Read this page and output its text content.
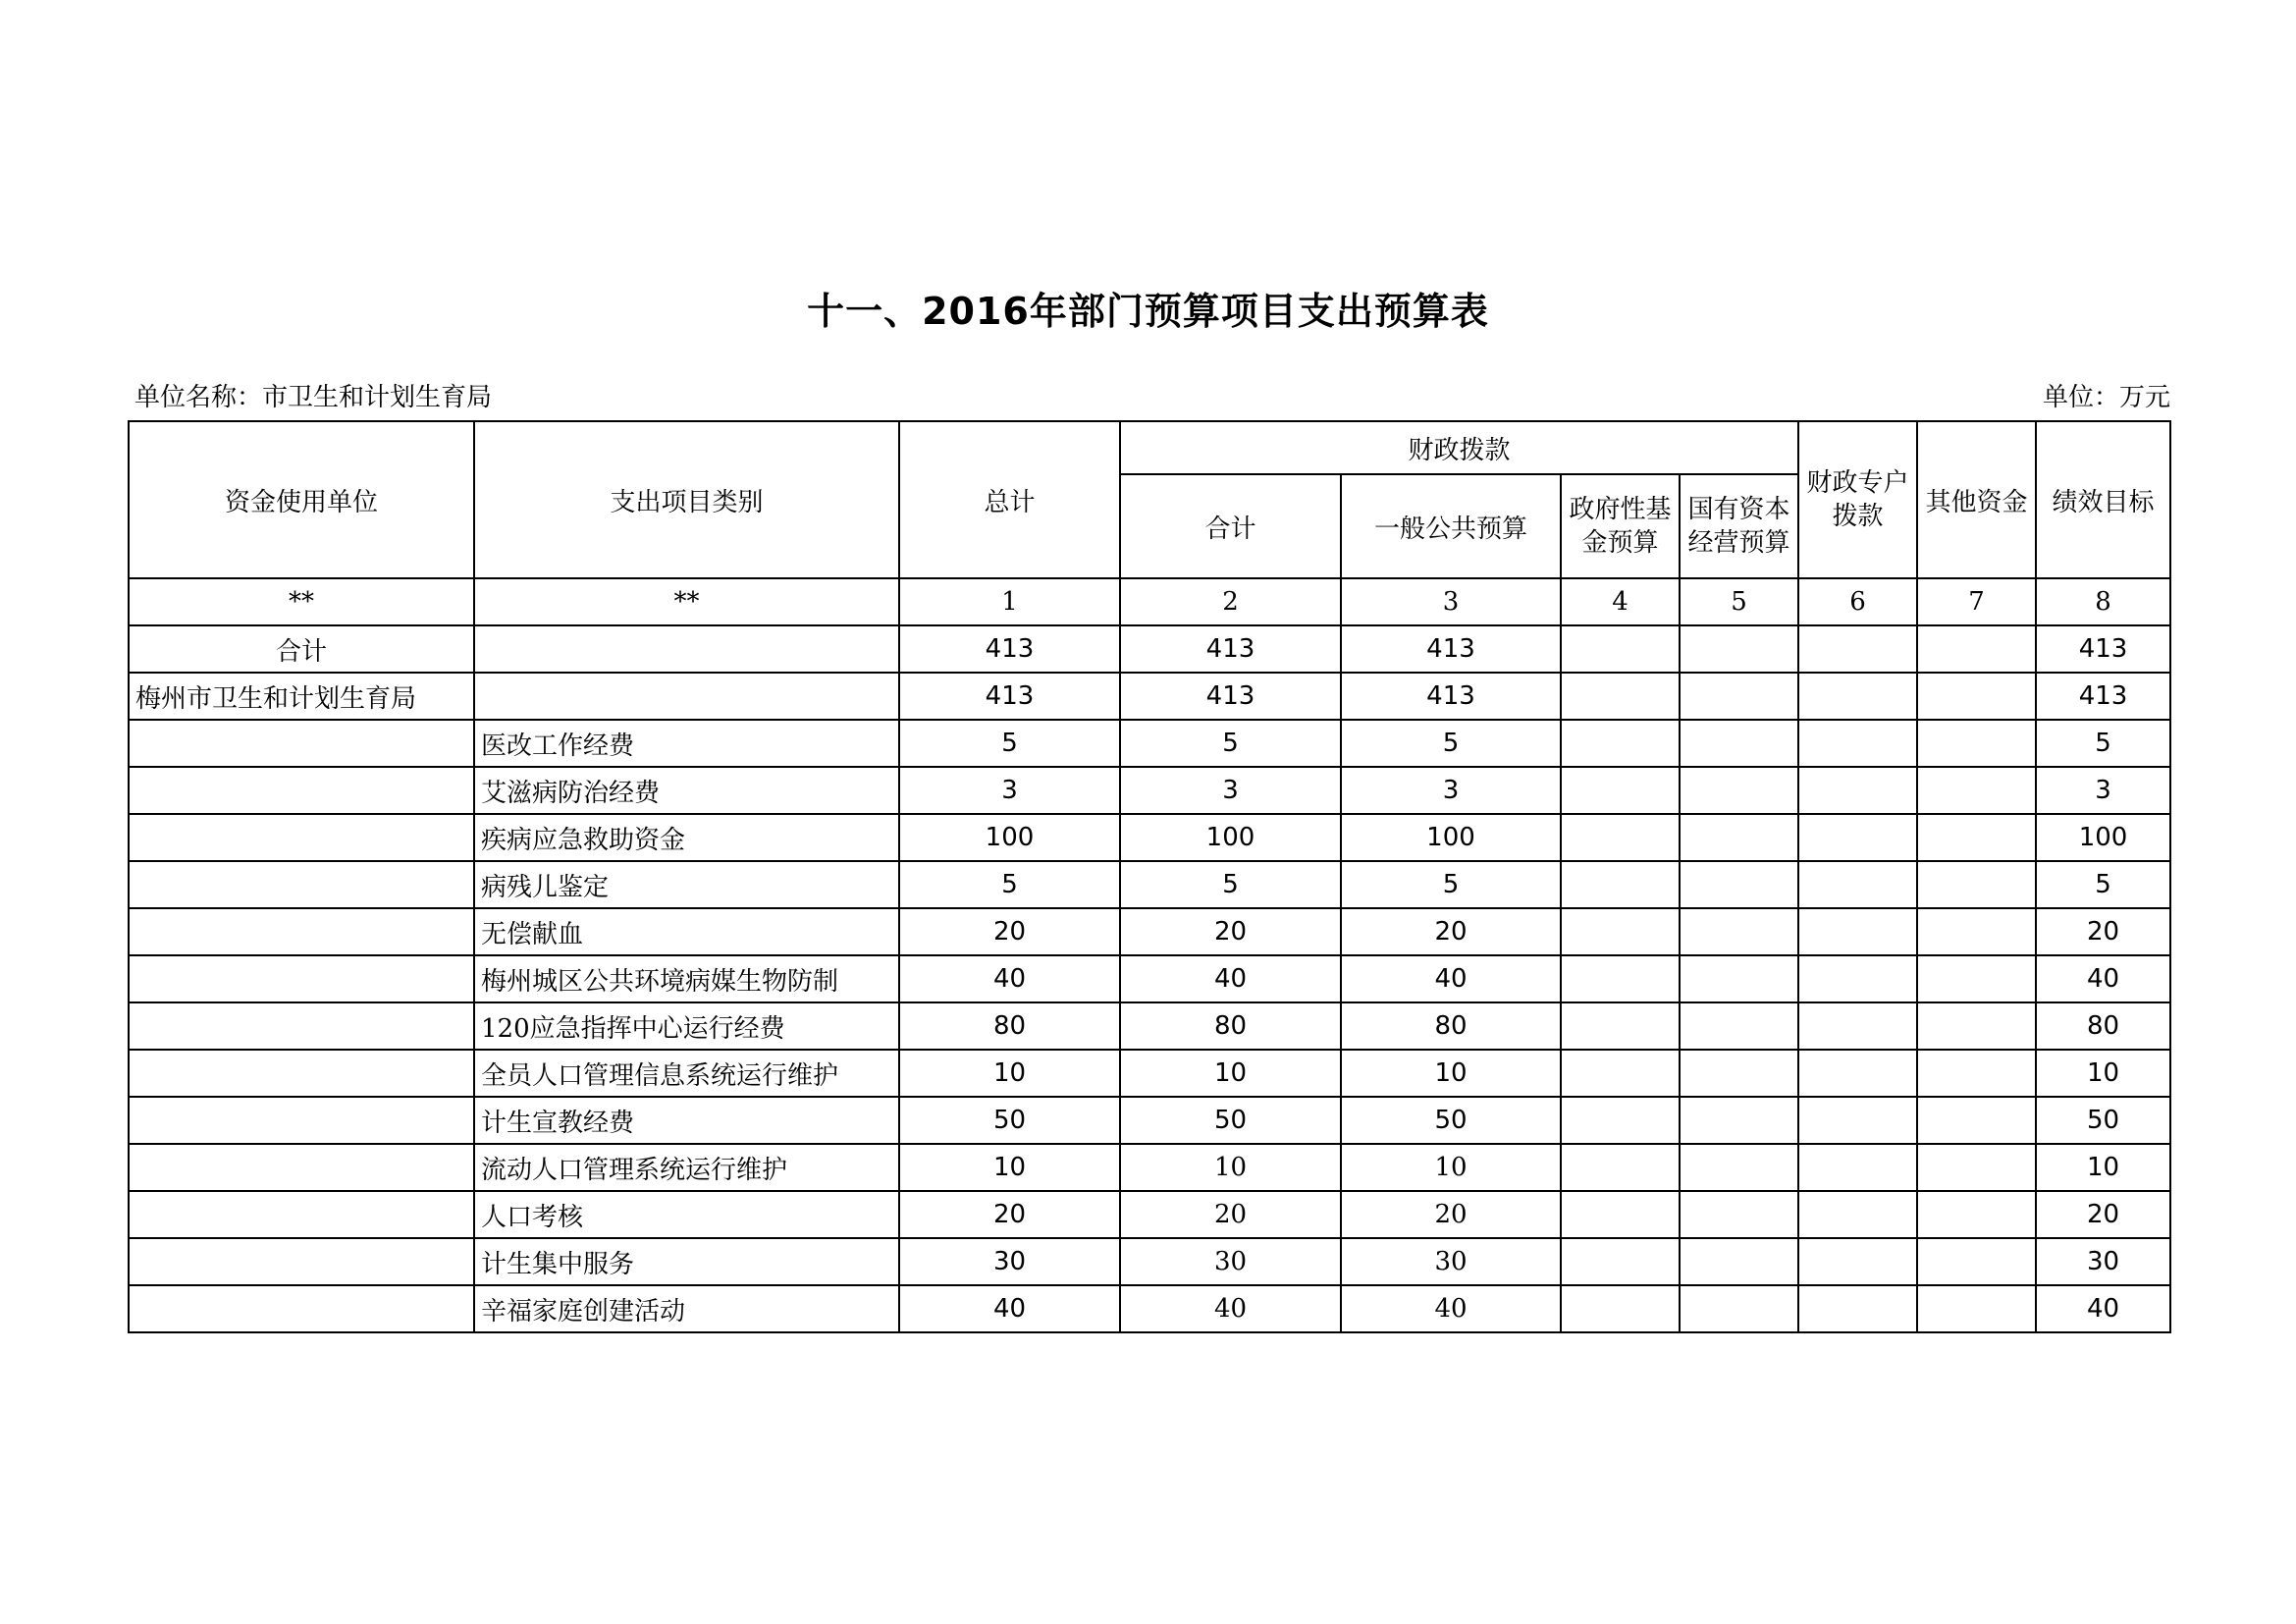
十一、2016年部门预算项目支出预算表
单位名称：市卫生和计划生育局	单位：万元
资金使用单位	支出项目类别	总计	财政拨款				财政专户拨款	其他资金	绩效目标
			合计	一般公共预算	政府性基金预算	国有资本经营预算			
**	**	1	2	3	4	5	6	7	8
合计		413	413	413					413
梅州市卫生和计划生育局		413	413	413					413
	医改工作经费	5	5	5					5
	艾滋病防治经费	3	3	3					3
	疾病应急救助资金	100	100	100					100
	病残儿鉴定	5	5	5					5
	无偿献血	20	20	20					20
	梅州城区公共环境病媒生物防制	40	40	40					40
	120应急指挥中心运行经费	80	80	80					80
	全员人口管理信息系统运行维护	10	10	10					10
	计生宣教经费	50	50	50					50
	流动人口管理系统运行维护	10	10	10					10
	人口考核	20	20	20					20
	计生集中服务	30	30	30					30
	辛福家庭创建活动	40	40	40					40
